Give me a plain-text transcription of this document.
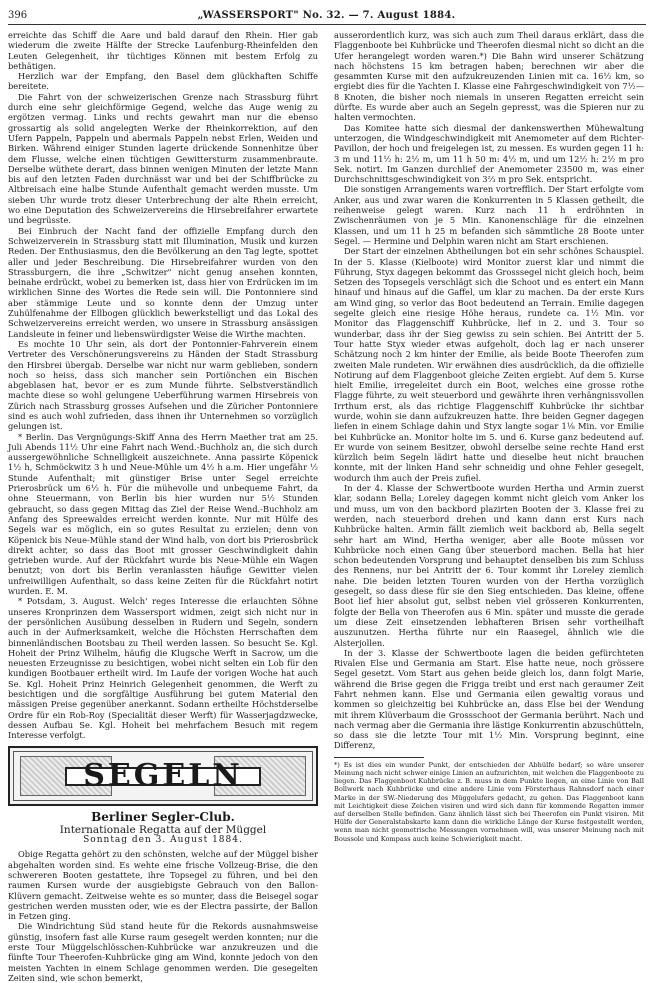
396	„WASSERSPORT" No. 32. — 7. August 1884.

erreichte das Schiff die Aare und bald darauf den Rhein. Hier gab wiederum die zweite Hälfte der Strecke Laufenburg-Rheinfelden den Leuten Gelegenheit, ihr tüchtiges Können mit bestem Erfolg zu bethätigen.

Herzlich war der Empfang, den Basel dem glückhaften Schiffe bereitete.

Die Fahrt von der schweizerischen Grenze nach Strassburg führt durch eine sehr gleichförmige Gegend, welche das Auge wenig zu ergötzen vermag. Links und rechts gewahrt man nur die ebenso grossartig als solid angelegten Werke der Rheinkorrektion, auf den Ufern Pappeln, Pappeln und abermals Pappeln nebst Erlen, Weiden und Birken. Während einiger Stunden lagerte drückende Sonnenhitze über dem Flusse, welche einen tüchtigen Gewittersturm zusammenbraute. Derselbe wüthete derart, dass binnen wenigen Minuten der letzte Mann bis auf den letzten Faden durchnässt war und bei der Schiffbrücke zu Altbreisach eine halbe Stunde Aufenthalt gemacht werden musste. Um sieben Uhr wurde trotz dieser Unterbrechung der alte Rhein erreicht, wo eine Deputation des Schweizervereins die Hirsebreifahrer erwartete und begrüsste.

Bei Einbruch der Nacht fand der offizielle Empfang durch den Schweizerverein in Strassburg statt mit Illumination, Musik und kurzen Reden. Der Enthusiasmus, den die Bevölkerung an den Tag legte, spottet aller und jeder Beschreibung. Die Hirsebreifahrer wurden von den Strassburgern, die ihre „Schwitzer" nicht genug ansehen konnten, beinahe erdrückt, wobei zu bemerken ist, dass hier von Erdrücken im im wirklichen Sinne des Wortes die Rede sein will. Die Pontonniere sind aber stämmige Leute und so konnte denn der Umzug unter Zuhülfenahme der Ellbogen glücklich bewerkstelligt und das Lokal des Schweizervereins erreicht werden, wo unsere in Strassburg ansässigen Landsleute in feiner und liebenswürdigster Weise die Wirthe machten.

Es mochte 10 Uhr sein, als dort der Pontonnier-Fahrverein einem Vertreter des Verschönerungsvereins zu Händen der Stadt Strassburg den Hirsbrei übergab. Derselbe war nicht nur warm geblieben, sondern noch so heiss, dass sich mancher sein Portiönchen ein Bischen abgeblasen hat, bevor er es zum Munde führte. Selbstverständlich machte diese so wohl gelungene Ueberführung warmen Hirsebreis von Zürich nach Strassburg grosses Aufsehen und die Züricher Pontonniere sind es auch wohl zufrieden, dass ihnen ihr Unternehmen so vorzüglich gelungen ist.

* Berlin. Das Vergnügungs-Skiff Anna des Herrn Maether trat am 25. Juli Abends 11½ Uhr eine Fahrt nach Wend.-Buchholz an, die sich durch aussergewöhnliche Schnelligkeit auszeichnete. Anna passirte Köpenick 1½ h, Schmöckwitz 3 h und Neue-Mühle um 4½ h a.m. Hier ungefähr ½ Stunde Aufenthalt; mit günstiger Brise unter Segel erreichte Prierosbrück um 6½ h. Für die mühevolle und unbequeme Fahrt, da ohne Steuermann, von Berlin bis hier wurden nur 5½ Stunden gebraucht, so dass gegen Mittag das Ziel der Reise Wend.-Buchholz am Anfang des Spreewaldes erreicht werden konnte. Nur mit Hülfe des Segels war es möglich, ein so gutes Resultat zu erzielen; denn von Köpenick bis Neue-Mühle stand der Wind halb, von dort bis Prierosbrück direkt achter, so dass das Boot mit grosser Geschwindigkeit dahin getrieben wurde. Auf der Rückfahrt wurde bis Neue-Mühle ein Wagen benutzt; von dort bis Berlin veranlassten häufige Gewitter vielen unfreiwilligen Aufenthalt, so dass keine Zeiten für die Rückfahrt notirt wurden. E. M.

* Potsdam, 3. August. Welch' reges Interesse die erlauchten Söhne unseres Kronprinzen dem Wassersport widmen, zeigt sich nicht nur in der persönlichen Ausübung desselben in Rudern und Segeln, sondern auch in der Aufmerksamkeit, welche die Höchsten Herrschaften dem binnenländischen Bootsbau zu Theil werden lassen. So besucht Se. Kgl. Hoheit der Prinz Wilhelm, häufig die Klugsche Werft in Sacrow, um die neuesten Erzeugnisse zu besichtigen, wobei nicht selten ein Lob für den kundigen Bootbauer ertheilt wird. Im Laufe der vorigen Woche hat auch Se. Kgl. Hoheit Prinz Heinrich Gelegenheit genommen, die Werft zu besichtigen und die sorgfältige Ausführung bei gutem Material den mässigen Preise gegenüber anerkannt. Sodann ertheilte Höchstderselbe Ordre für ein Rob-Roy (Specialität dieser Werft) für Wasserjagdzwecke, dessen Aufbau Se. Kgl. Hoheit bei mehrfachem Besuch mit regem Interesse verfolgt.

SEGELN
Berliner Segler-Club.
Internationale Regatta auf der Müggel
Sonntag den 3. August 1884.

Obige Regatta gehört zu den schönsten, welche auf der Müggel bisher abgehalten worden sind. Es wehte eine frische Vollzeug-Brise, die den schwereren Booten gestattete, ihre Topsegel zu führen, und bei den raumen Kursen wurde der ausgiebigste Gebrauch von den Ballon-Klüvern gemacht. Zeitweise wehte es so munter, dass die Beisegel sogar gestrichen werden mussten oder, wie es der Electra passirte, der Ballon in Fetzen ging.

Die Windrichtung Süd stand heute für die Rekords ausnahmsweise günstig, insofern fast alle Kurse raum gesegelt werden konnten; nur die erste Tour Müggelschlösschen-Kuhbrücke war anzukreuzen und die fünfte Tour Theerofen-Kuhbrücke ging am Wind, konnte jedoch von den meisten Yachten in einem Schlage genommen werden. Die gesegelten Zeiten sind, wie schon bemerkt,

ausserordentlich kurz, was sich auch zum Theil daraus erklärt, dass die Flaggenboote bei Kuhbrücke und Theerofen diesmal nicht so dicht an die Ufer herangelegt worden waren.*) Die Bahn wird unserer Schätzung nach höchstens 15 km betragen haben; berechnen wir aber die gesammten Kurse mit den aufzukreuzenden Linien mit ca. 16½ km, so ergiebt dies für die Yachten I. Klasse eine Fahrgeschwindigkeit von 7½—8 Knoten, die bisher noch niemals in unseren Regatten erreicht sein dürfte. Es wurde aber auch an Segeln gepresst, was die Spieren nur zu halten vermochten.

Das Komitee hatte sich diesmal der dankenswerthen Mühewaltung unterzogen, die Windgeschwindigkeit mit Anemometer auf dem Richter-Pavillon, der hoch und freigelegen ist, zu messen. Es wurden gegen 11 h: 3 m und 11½ h: 2½ m, um 11 h 50 m: 4½ m, und um 12½ h: 2½ m pro Sek. notirt. Im Ganzen durchlief der Anemometer 23500 m, was einer Durchschnittsgeschwindigkeit von 3⅔ m pro Sek. entspricht.

Die sonstigen Arrangements waren vortrefflich. Der Start erfolgte vom Anker, aus und zwar waren die Konkurrenten in 5 Klassen getheilt, die reihenweise gelegt waren. Kurz nach 11 h erdröhnten in Zwischenräumen von je 5 Min. Kanonenschläge für die einzelnen Klassen, und um 11 h 25 m befanden sich sämmtliche 28 Boote unter Segel. — Hermine und Delphin waren nicht am Start erschienen.

Der Start der einzelnen Abtheilungen bot ein sehr schönes Schauspiel. In der 5. Klasse (Kielboote) wird Monitor zuerst klar und nimmt die Führung, Styx dagegen bekommt das Grosssegel nicht gleich hoch, beim Setzen des Topsegels verschlägt sich die Schoot und es entert ein Mann hinauf und hinaus auf die Gaffel, um klar zu machen. Da der erste Kurs am Wind ging, so verlor das Boot bedeutend an Terrain. Emilie dagegen segelte gleich eine riesige Höhe heraus, rundete ca. 1½ Min. vor Monitor das Flaggenschiff Kuhbrücke, lief in 2. und 3. Tour so wunderbar, dass ihr der Sieg gewiss zu sein schien. Bei Antritt der 5. Tour hatte Styx wieder etwas aufgeholt, doch lag er nach unserer Schätzung noch 2 km hinter der Emilie, als beide Boote Theerofen zum zweiten Male rundeten. Wir erwähnen dies ausdrücklich, da die offizielle Notirung auf dem Flaggenboot gleiche Zeiten ergiebt. Auf dem 5. Kurse hielt Emilie, irregeleitet durch ein Boot, welches eine grosse rothe Flagge führte, zu weit steuerbord und gewährte ihren verhängnissvollen Irrthum erst, als das richtige Flaggenschiff Kuhbrücke ihr sichtbar wurde, wohin sie dann aufzukreuzen hatte. Ihre beiden Gegner dagegen liefen in einem Schlage dahin und Styx langte sogar 1⅛ Min. vor Emilie bei Kuhbrücke an. Monitor holte im 5. und 6. Kurse ganz bedeutend auf. Er wurde von seinem Besitzer, obwohl derselbe seine rechte Hand erst kürzlich beim Segeln lädirt hatte und dieselbe heut nicht brauchen konnte, mit der linken Hand sehr schneidig und ohne Fehler gesegelt, wodurch ihm auch der Preis zufiel.

In der 4. Klasse der Schwertboote wurden Hertha und Armin zuerst klar, sodann Bella; Loreley dagegen kommt nicht gleich vom Anker los und muss, um von den backbord plazirten Booten der 3. Klasse frei zu werden, nach steuerbord drehen und kann dann erst Kurs nach Kuhbrücke halten. Armin fällt ziemlich weit backbord ab, Bella segelt sehr hart am Wind, Hertha weniger, aber alle Boote müssen vor Kuhbrücke noch einen Gang über steuerbord machen. Bella hat hier schon bedeutenden Vorsprung und behauptet denselben bis zum Schluss des Rennens, nur bei Antritt der 6. Tour kommt ihr Loreley ziemlich nahe. Die beiden letzten Touren wurden von der Hertha vorzüglich gesegelt, so dass diese für sie den Sieg entschieden. Das kleine, offene Boot lief hier absolut gut, selbst neben viel grösseren Konkurrenten, folgte der Bella von Theerofen aus 6 Min. später und musste die gerade um diese Zeit einsetzenden lebhafteren Brisen sehr vortheilhaft auszunutzen. Hertha führte nur ein Raasegel, ähnlich wie die Alsterjollen.

In der 3. Klasse der Schwertboote lagen die beiden gefürchteten Rivalen Else und Germania am Start. Else hatte neue, noch grössere Segel gesetzt. Vom Start aus gehen beide gleich los, dann folgt Marie, während die Brise gegen die Frigga treibt und erst nach geraumer Zeit Fahrt nehmen kann. Else und Germania eilen gewaltig voraus und kommen so gleichzeitig bei Kuhbrücke an, dass Else bei der Wendung mit ihrem Klüverbaum die Grossschoot der Germania berührt. Nach und nach vermag aber die Germania ihre lästige Konkurrentin abzuschütteln, so dass sie die letzte Tour mit 1½ Min. Vorsprung beginnt, eine Differenz,

*) Es ist dies ein wunder Punkt, der entschieden der Abhülfe bedarf; so wäre unserer Meinung nach nicht schwer einige Linien an aufzurichten, mit welchen die Flaggenboote zu liegen. Das Flaggenboot Kuhbrücke z. B. muss in dem Punkte liegen, an eine Linie von Ball Bollwerk nach Kuhbrücke und eine andere Linie vom Försterhaus Rahnsdorf nach einer Marke in der SW.-Niederung des Müggelufers gedacht, zu gehen. Das Flaggenboot kann mit Leichtigkeit diese Zeichen visiren und wird sich dann für kommende Regatten immer auf derselben Stelle befinden. Ganz ähnlich lässt sich bei Theerofen ein Punkt visiren. Mit Hülfe der Generalstabskarte kann dann die wirkliche Länge der Kurse festgestellt werden, wenn man nicht geometrische Messungen vornehmen will, was unserer Meinung nach mit Boussole und Kompass auch keine Schwierigkeit macht.
